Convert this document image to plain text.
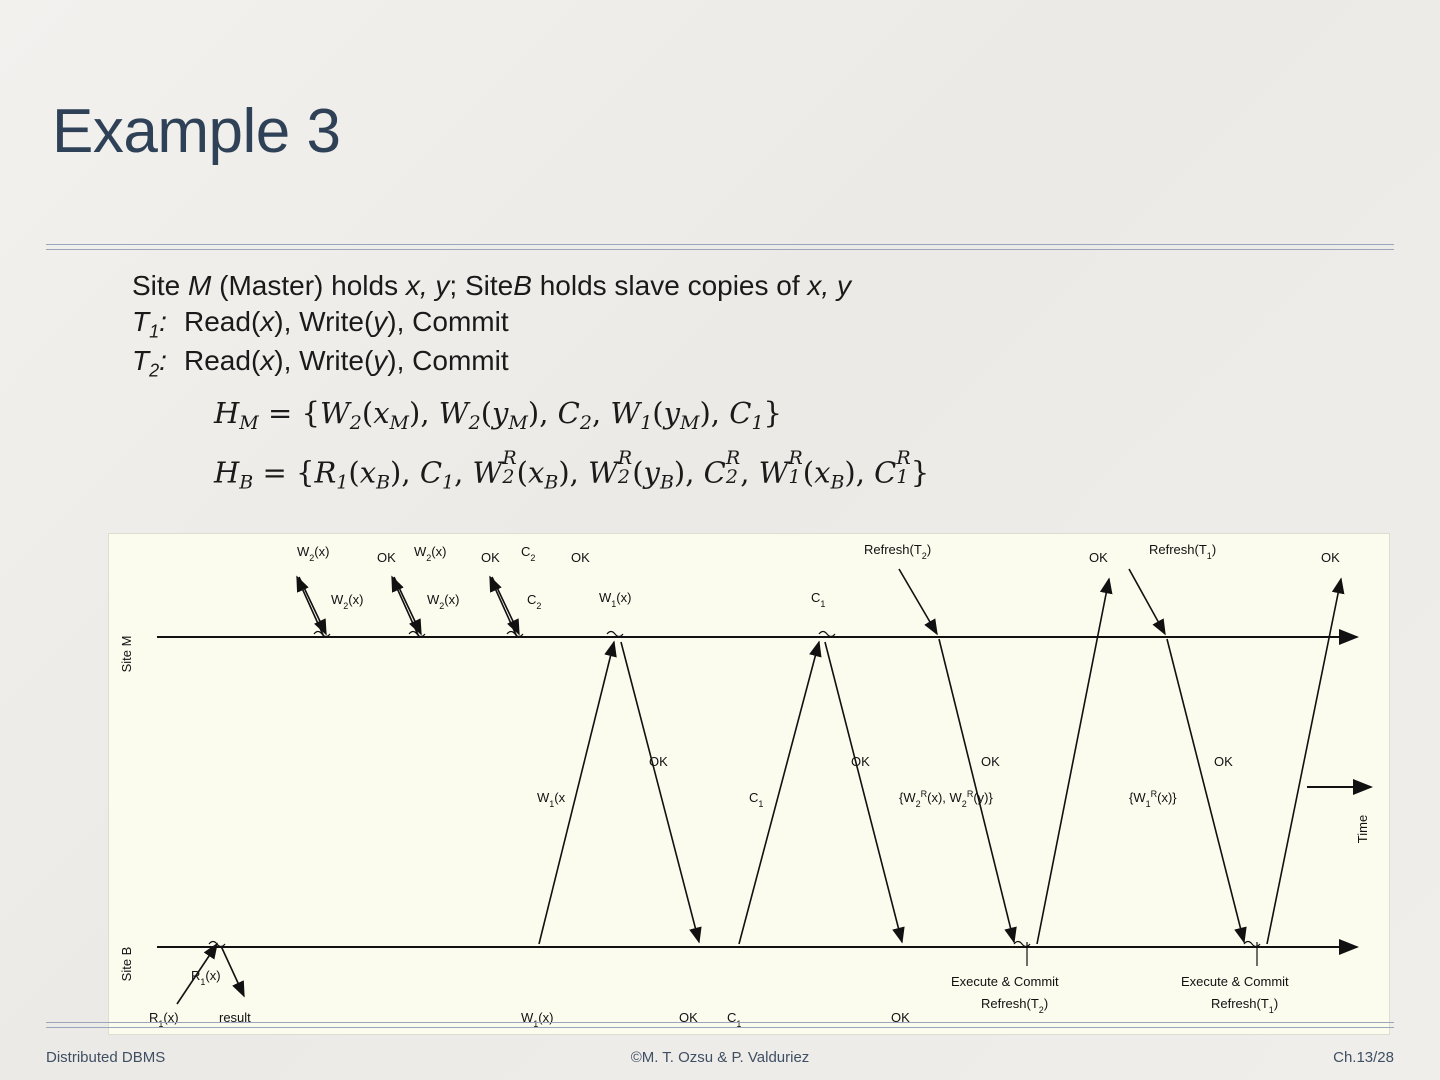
Example 3
Site M (Master) holds x, y; SiteB holds slave copies of x, y
$T_1$: Read(x), Write(y), Commit
$T_2$: Read(x), Write(y), Commit
$H_M = \{W_2(x_M)$, $W_2(y_M)$, $C_2$, $W_1(y_M)$, $C_1$}
$H_B = \{R_1(x_B)$, $C_1$, W R
2 $(x_B)$, W R
2 $(y_B)$, C R
2 , W R
1 $(x_B)$, C R
1 }
Site M
Site B
Time
$W_2(x)$	OK $W_2(x)$	OK $C_2$	OK
$Refresh(T_2)$
OK
$Refresh(T_1)$
OK
$W_2(x)$	$W_2(x)$	$C_2$
$W_1(x)$	$C_1$
OK	OK	OK	OK
$W_1(x$	$C_1$	{$W_2^R(x)$, $W_2^R(y)$}	$\{W_1^R(x)\}$
$R_1(x)$
$R_1(x)$	result	$W_1(x)$	OK $C_1$	OK
Execute & Commit
$Refresh(T_2)$
Execute & Commit
$Refresh(T_1)$
Distributed DBMS	©M. T. Ozsu & P. Valduriez	Ch.13/28
